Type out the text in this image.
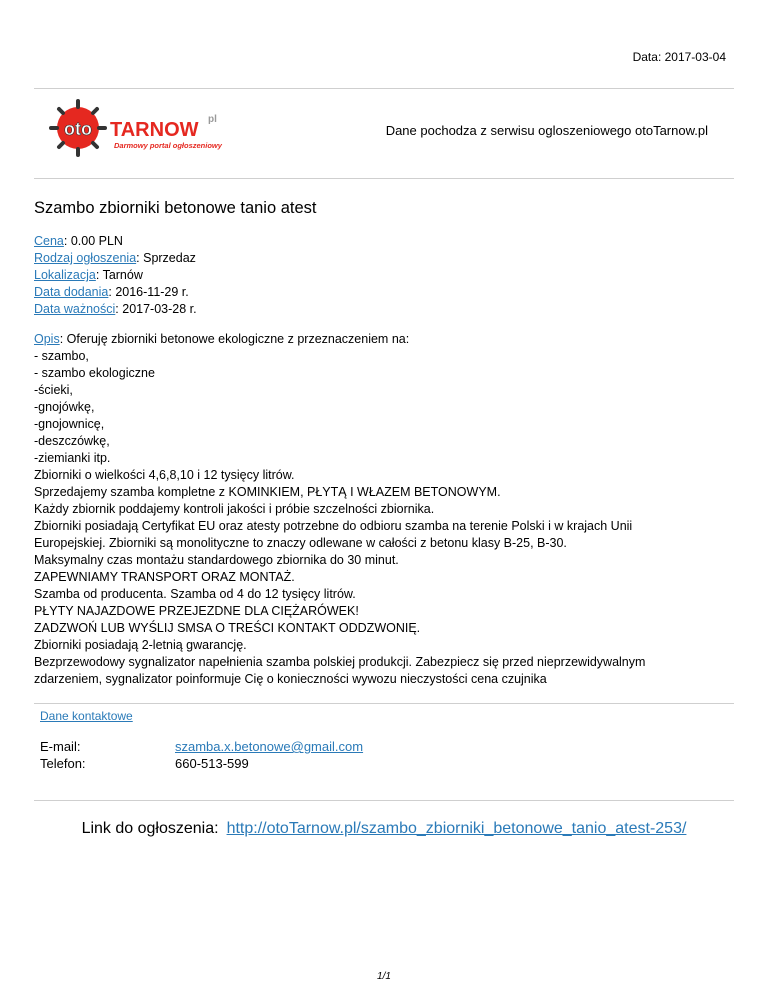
Data: 2017-03-04
oto TARNOW pl
Darmowy portal ogłoszeniowy
Dane pochodza z serwisu ogloszeniowego otoTarnow.pl
Szambo zbiorniki betonowe tanio atest
Cena: 0.00 PLN
Rodzaj ogłoszenia: Sprzedaz
Lokalizacja: Tarnów
Data dodania: 2016-11-29 r.
Data ważności: 2017-03-28 r.
Opis: Oferuję zbiorniki betonowe ekologiczne z przeznaczeniem na:
- szambo,
- szambo ekologiczne
-ścieki,
-gnojówkę,
-gnojownicę,
-deszczówkę,
-ziemianki itp.
Zbiorniki o wielkości 4,6,8,10 i 12 tysięcy litrów.
Sprzedajemy szamba kompletne z KOMINKIEM, PŁYTĄ I WŁAZEM BETONOWYM.
Każdy zbiornik poddajemy kontroli jakości i próbie szczelności zbiornika.
Zbiorniki posiadają Certyfikat EU oraz atesty potrzebne do odbioru szamba na terenie Polski i w krajach Unii
Europejskiej. Zbiorniki są monolityczne to znaczy odlewane w całości z betonu klasy B-25, B-30.
Maksymalny czas montażu standardowego zbiornika do 30 minut.
ZAPEWNIAMY TRANSPORT ORAZ MONTAŻ.
Szamba od producenta. Szamba od 4 do 12 tysięcy litrów.
PŁYTY NAJAZDOWE PRZEJEZDNE DLA CIĘŻARÓWEK!
ZADZWOŃ LUB WYŚLIJ SMSA O TREŚCI KONTAKT ODDZWONIĘ.
Zbiorniki posiadają 2-letnią gwarancję.
Bezprzewodowy sygnalizator napełnienia szamba polskiej produkcji. Zabezpiecz się przed nieprzewidywalnym
zdarzeniem, sygnalizator poinformuje Cię o konieczności wywozu nieczystości cena czujnika
Dane kontaktowe
E-mail:	szamba.x.betonowe@gmail.com
Telefon:	660-513-599
Link do ogłoszenia: http://otoTarnow.pl/szambo_zbiorniki_betonowe_tanio_atest-253/
1/1
